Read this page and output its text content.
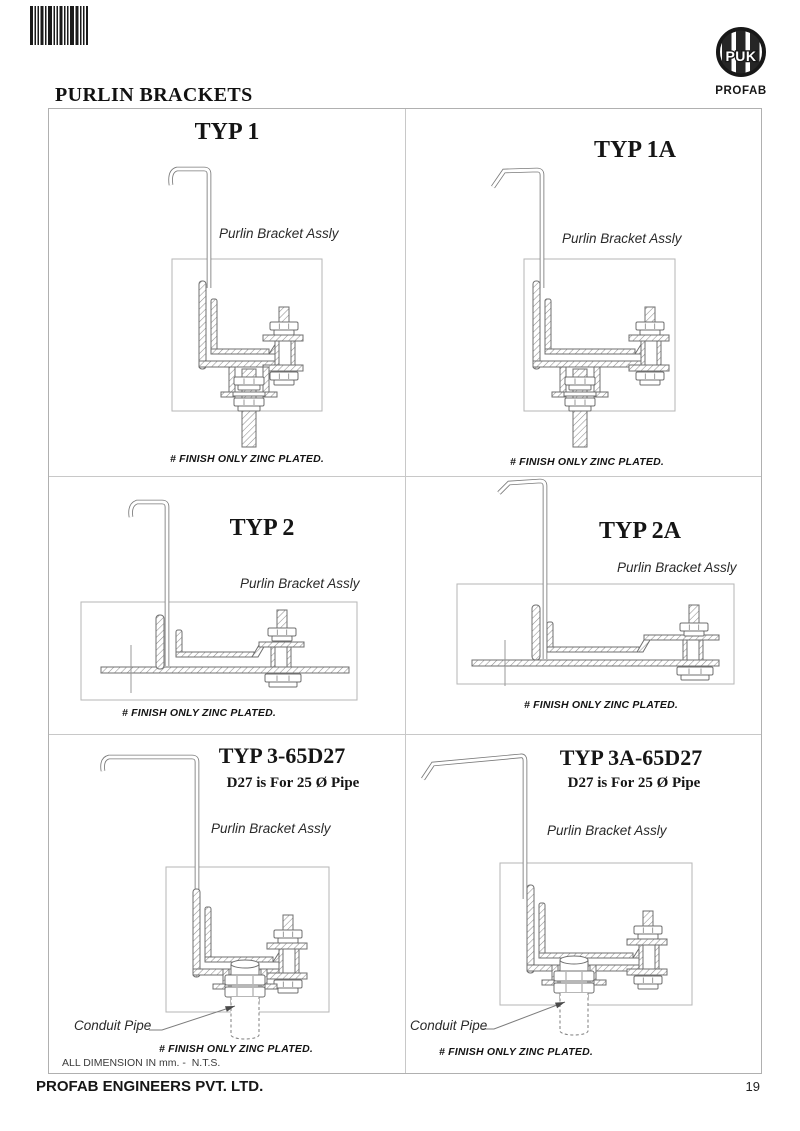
PUK
PROFAB
PURLIN BRACKETS
TYP 1
Purlin Bracket Assly
# FINISH ONLY ZINC PLATED.
TYP 1A
Purlin Bracket Assly
# FINISH ONLY ZINC PLATED.
TYP 2
Purlin Bracket Assly
# FINISH ONLY ZINC PLATED.
TYP 2A
Purlin Bracket Assly
# FINISH ONLY ZINC PLATED.
TYP 3-65D27
D27 is For 25 Ø Pipe
Purlin Bracket Assly
Conduit Pipe
# FINISH ONLY ZINC PLATED.
TYP 3A-65D27
D27 is For 25 Ø Pipe
Purlin Bracket Assly
Conduit Pipe
# FINISH ONLY ZINC PLATED.
ALL DIMENSION IN mm. -  N.T.S.
PROFAB ENGINEERS PVT. LTD.	19
